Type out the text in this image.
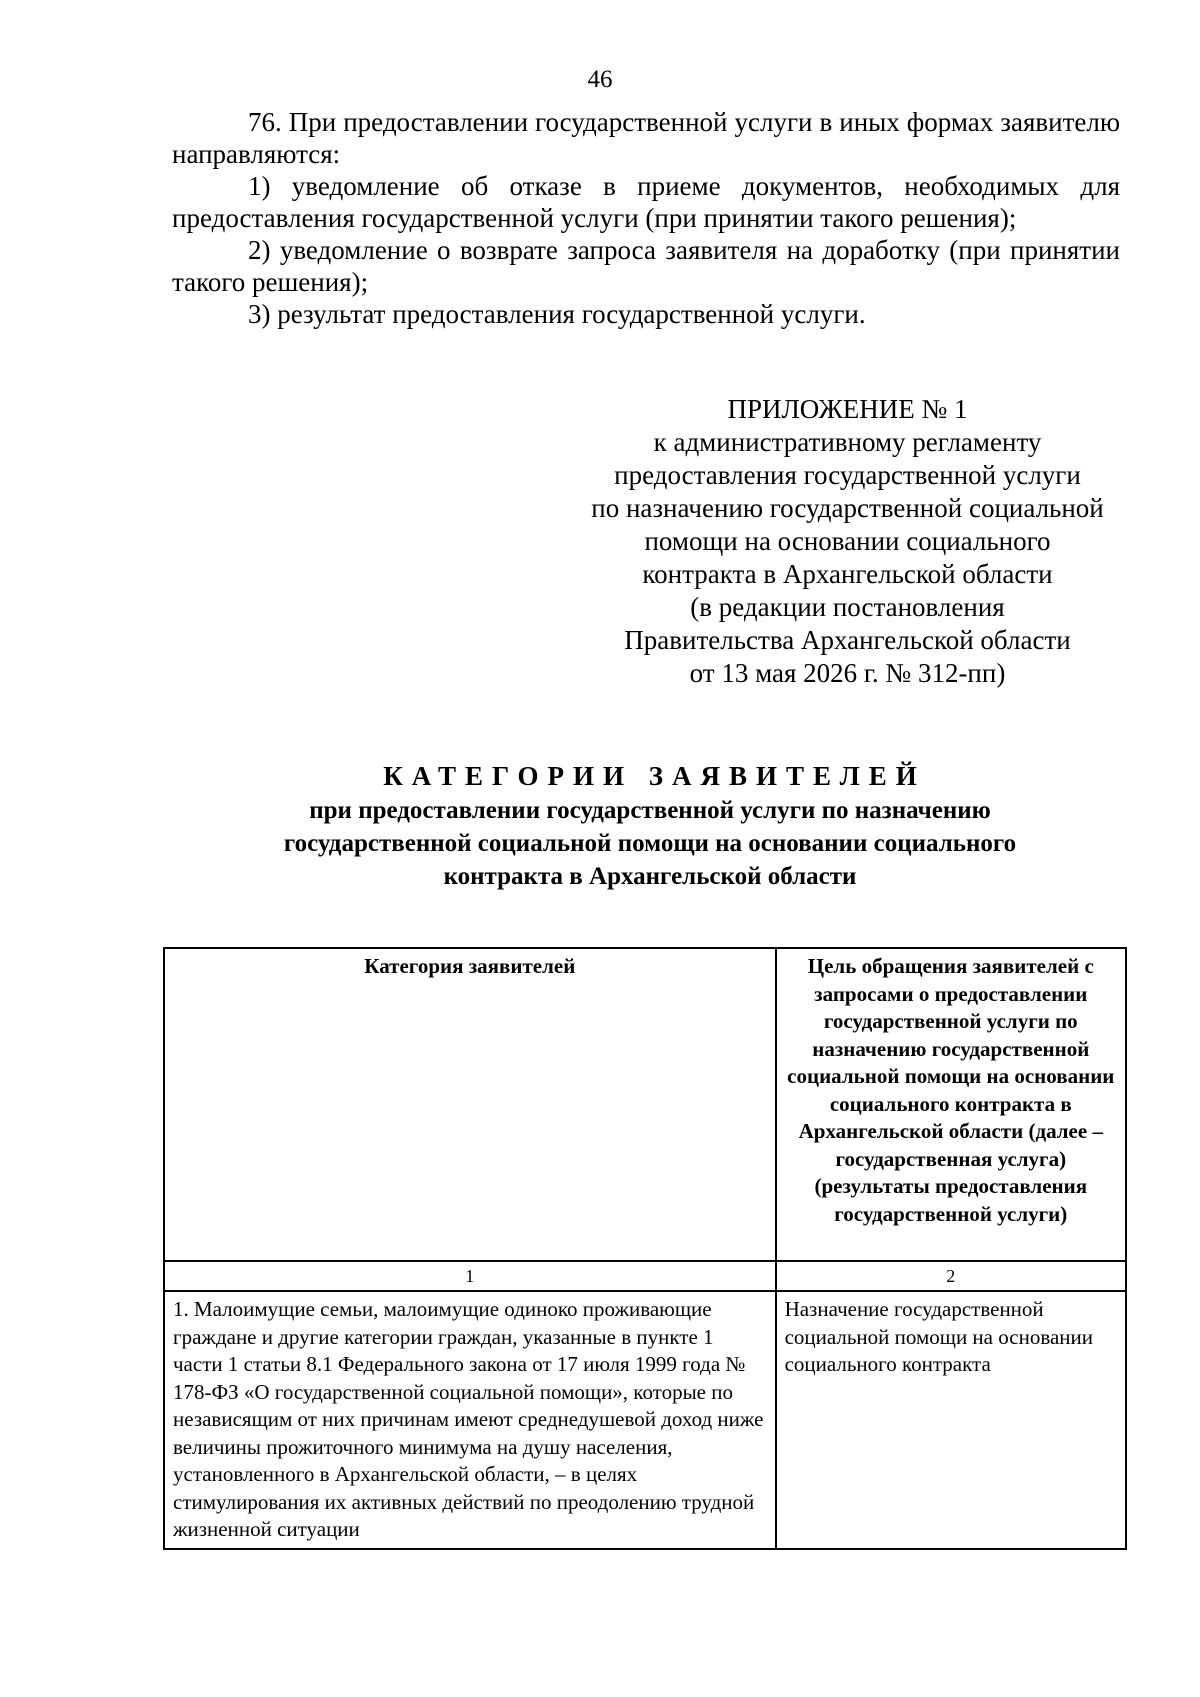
46

76. При предоставлении государственной услуги в иных формах заявителю направляются:

1) уведомление об отказе в приеме документов, необходимых для предоставления государственной услуги (при принятии такого решения);

2) уведомление о возврате запроса заявителя на доработку (при принятии такого решения);

3) результат предоставления государственной услуги.

ПРИЛОЖЕНИЕ № 1
к административному регламенту
предоставления государственной услуги
по назначению государственной социальной
помощи на основании социального
контракта в Архангельской области
(в редакции постановления
Правительства Архангельской области
от 13 мая 2026 г. № 312-пп)
КАТЕГОРИИ ЗАЯВИТЕЛЕЙ
при предоставлении государственной услуги по назначению
государственной социальной помощи на основании социального
контракта в Архангельской области
Категория заявителей	Цель обращения заявителей с запросами о предоставлении государственной услуги по назначению государственной социальной помощи на основании социального контракта в Архангельской области (далее – государственная услуга) (результаты предоставления государственной услуги)
1	2
1. Малоимущие семьи, малоимущие одиноко проживающие граждане и другие категории граждан, указанные в пункте 1 части 1 статьи 8.1 Федерального закона от 17 июля 1999 года № 178-ФЗ «О государственной социальной помощи», которые по независящим от них причинам имеют среднедушевой доход ниже величины прожиточного минимума на душу населения, установленного в Архангельской области, – в целях стимулирования их активных действий по преодолению трудной жизненной ситуации	Назначение государственной социальной помощи на основании социального контракта
